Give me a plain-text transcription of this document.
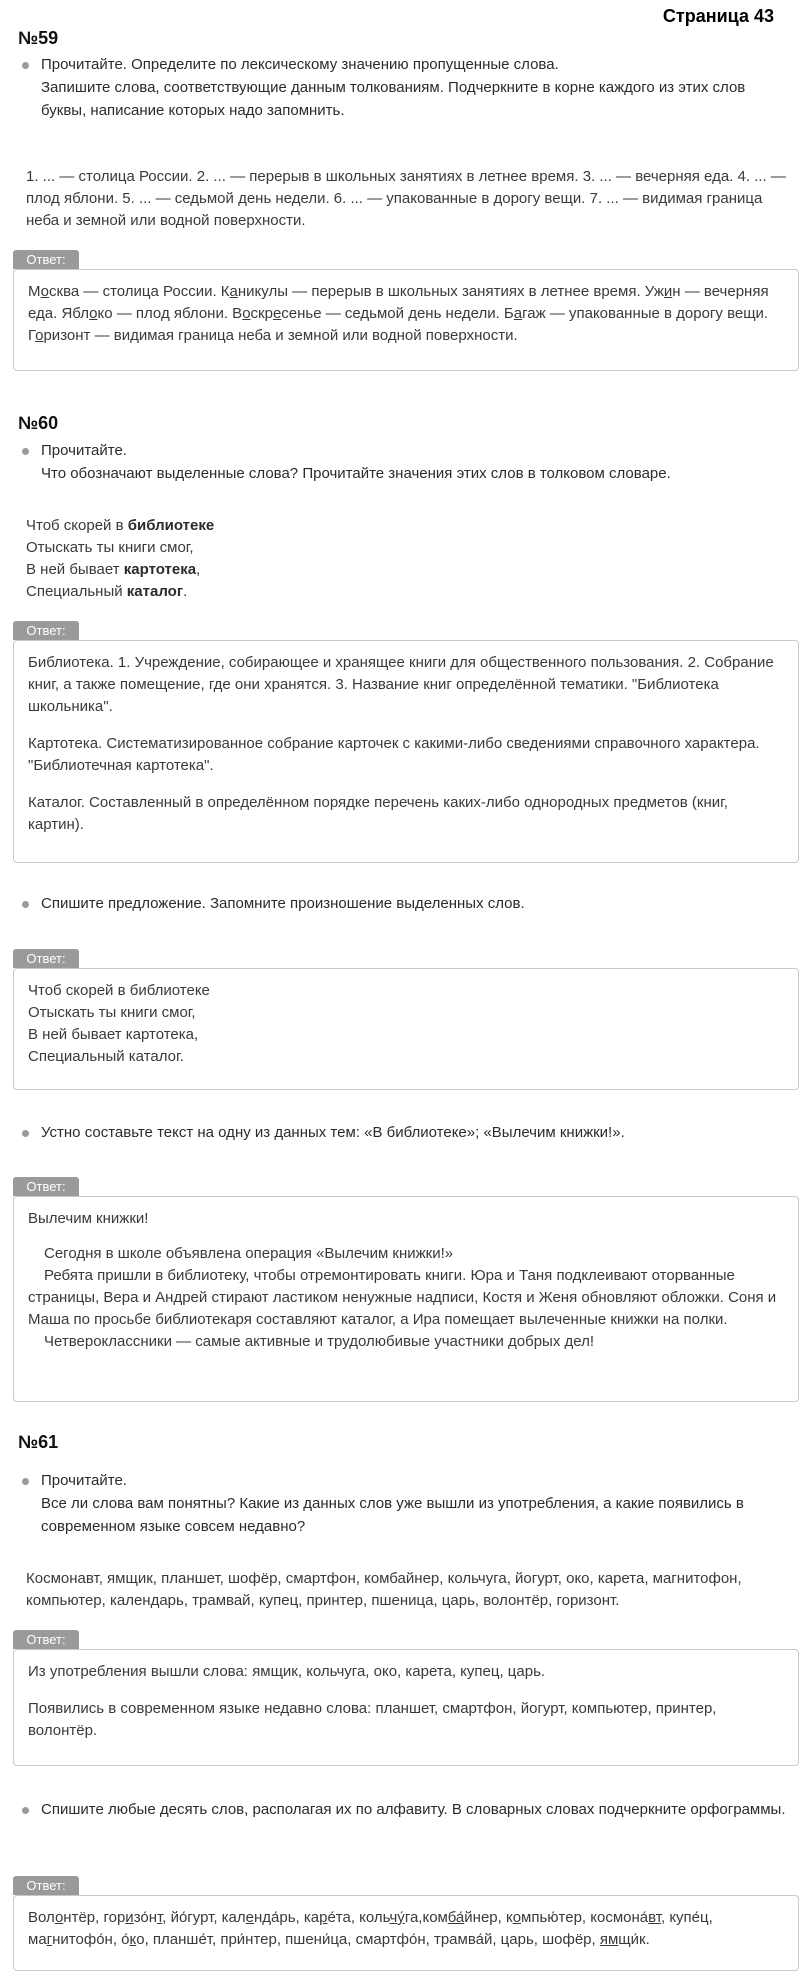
Страница 43
№59
Прочитайте. Определите по лексическому значению пропущенные слова.
Запишите слова, соответствующие данным толкованиям. Подчеркните в корне каждого из этих слов буквы, написание которых надо запомнить.
1. ... — столица России. 2. ... — перерыв в школьных занятиях в летнее время. 3. ... — вечерняя еда. 4. ... — плод яблони. 5. ... — седьмой день недели. 6. ... — упакованные в дорогу вещи. 7. ... — видимая граница неба и земной или водной поверхности.
Ответ:
Москва — столица России. Каникулы — перерыв в школьных занятиях в летнее время. Ужин — вечерняя еда. Яблоко — плод яблони. Воскресенье — седьмой день недели. Багаж — упакованные в дорогу вещи. Горизонт — видимая граница неба и земной или водной поверхности.
№60
Прочитайте.
Что обозначают выделенные слова? Прочитайте значения этих слов в толковом словаре.
Чтоб скорей в библиотеке
Отыскать ты книги смог,
В ней бывает картотека,
Специальный каталог.
Ответ:

Библиотека. 1. Учреждение, собирающее и хранящее книги для общественного пользования. 2. Собрание книг, а также помещение, где они хранятся. 3. Название книг определённой тематики. "Библиотека школьника".

Картотека. Систематизированное собрание карточек с какими-либо сведениями справочного характера. "Библиотечная картотека".

Каталог. Составленный в определённом порядке перечень каких-либо однородных предметов (книг, картин).

Спишите предложение. Запомните произношение выделенных слов.
Ответ:
Чтоб скорей в библиотеке
Отыскать ты книги смог,
В ней бывает картотека,
Специальный каталог.
Устно составьте текст на одну из данных тем: «В библиотеке»; «Вылечим книжки!».
Ответ:
Вылечим книжки!
Сегодня в школе объявлена операция «Вылечим книжки!»
Ребята пришли в библиотеку, чтобы отремонтировать книги. Юра и Таня подклеивают оторванные страницы, Вера и Андрей стирают ластиком ненужные надписи, Костя и Женя обновляют обложки. Соня и Маша по просьбе библиотекаря составляют каталог, а Ира помещает вылеченные книжки на полки.
Четвероклассники — самые активные и трудолюбивые участники добрых дел!
№61
Прочитайте.
Все ли слова вам понятны? Какие из данных слов уже вышли из употребления, а какие появились в современном языке совсем недавно?
Космонавт, ямщик, планшет, шофёр, смартфон, комбайнер, кольчуга, йогурт, око, карета, магнитофон, компьютер, календарь, трамвай, купец, принтер, пшеница, царь, волонтёр, горизонт.
Ответ:

Из употребления вышли слова: ямщик, кольчуга, око, карета, купец, царь.

Появились в современном языке недавно слова: планшет, смартфон, йогурт, компьютер, принтер, волонтёр.

Спишите любые десять слов, располагая их по алфавиту. В словарных словах подчеркните орфограммы.
Ответ:
Волонтёр, горизо́нт, йо́гурт, календа́рь, каре́та, кольчу́га,комба́йнер, компью́тер, космона́вт, купе́ц, магнитофо́н, о́ко, планше́т, при́нтер, пшени́ца, смартфо́н, трамва́й, царь, шофёр, ямщи́к.
